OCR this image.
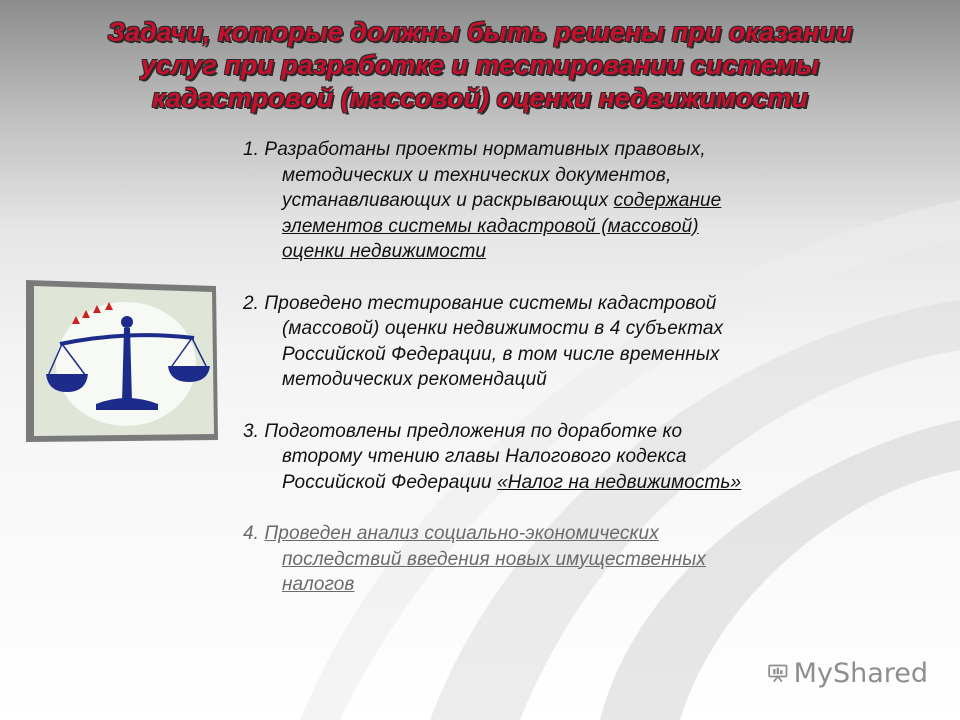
Задачи, которые должны быть решены при оказании
услуг при разработке и тестировании системы
кадастровой (массовой) оценки недвижимости
1. Разработаны проекты нормативных правовых,
методических и технических документов,
устанавливающих и раскрывающих содержание
элементов системы кадастровой (массовой)
оценки недвижимости
2. Проведено тестирование системы кадастровой
(массовой) оценки недвижимости в 4 субъектах
Российской Федерации, в том числе временных
методических рекомендаций
3. Подготовлены предложения по доработке ко
второму чтению главы Налогового кодекса
Российской Федерации «Налог на недвижимость»
4. Проведен анализ социально-экономических
последствий введения новых имущественных
налогов
MyShared
